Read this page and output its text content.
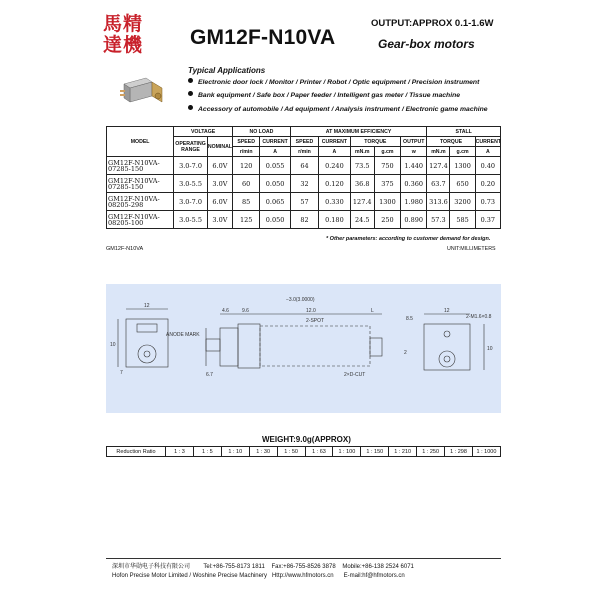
馬精
達機	GM12F-N10VA
OUTPUT:APPROX 0.1-1.6W
Gear-box motors
Typical Applications
Electronic door lock / Monitor / Printer / Robot / Optic equipment / Precision instrument
Bank equipment / Safe box / Paper feeder / Intelligent gas meter / Tissue machine
Accessory of automobile / Ad equipment / Analysis instrument / Electronic game machine
MODEL	VOLTAGE		NO LOAD		AT MAXIMUM EFFICIENCY					STALL		
	OPERATING RANGE	NOMINAL	SPEED	CURRENT	SPEED	CURRENT	TORQUE		OUTPUT	TORQUE		CURRENT
			r/min	A	r/min	A	mN.m	g.cm	w	mN.m	g.cm	A
GM12F-N10VA-07285-150	3.0-7.0	6.0V	120	0.055	64	0.240	73.5	750	1.440	127.4	1300	0.40
GM12F-N10VA-07285-150	3.0-5.5	3.0V	60	0.050	32	0.120	36.8	375	0.360	63.7	650	0.20
GM12F-N10VA-08205-298	3.0-7.0	6.0V	85	0.065	57	0.330	127.4	1300	1.980	313.6	3200	0.73
GM12F-N10VA-08205-100	3.0-5.5	3.0V	125	0.050	82	0.180	24.5	250	0.890	57.3	585	0.37
* Other parameters: according to customer demand for design.
GM12F-N10VA	UNIT:MILLIMETERS
12
10
7
ANODE MARK
4.6	9.6	12.0	L
−3.0(3.0000)
2-SPOT
6.7	2×D-CUT
8.5
12
2-M1.6×0.8
10
2
WEIGHT:9.0g(APPROX)
Reduction Ratio	1 : 3	1 : 5	1 : 10	1 : 30	1 : 50	1 : 63	1 : 100	1 : 150	1 : 210	1 : 250	1 : 298	1 : 1000
深圳市华勋电子科技有限公司        Tel:+86-755-8173 1811    Fax:+86-755-8526 3878    Mobile:+86-138 2524 6071
Hofon Precise Motor Limited / Woshine Precise Machinery   Http://www.hfmotors.cn      E-mail:hf@hfmotors.cn
